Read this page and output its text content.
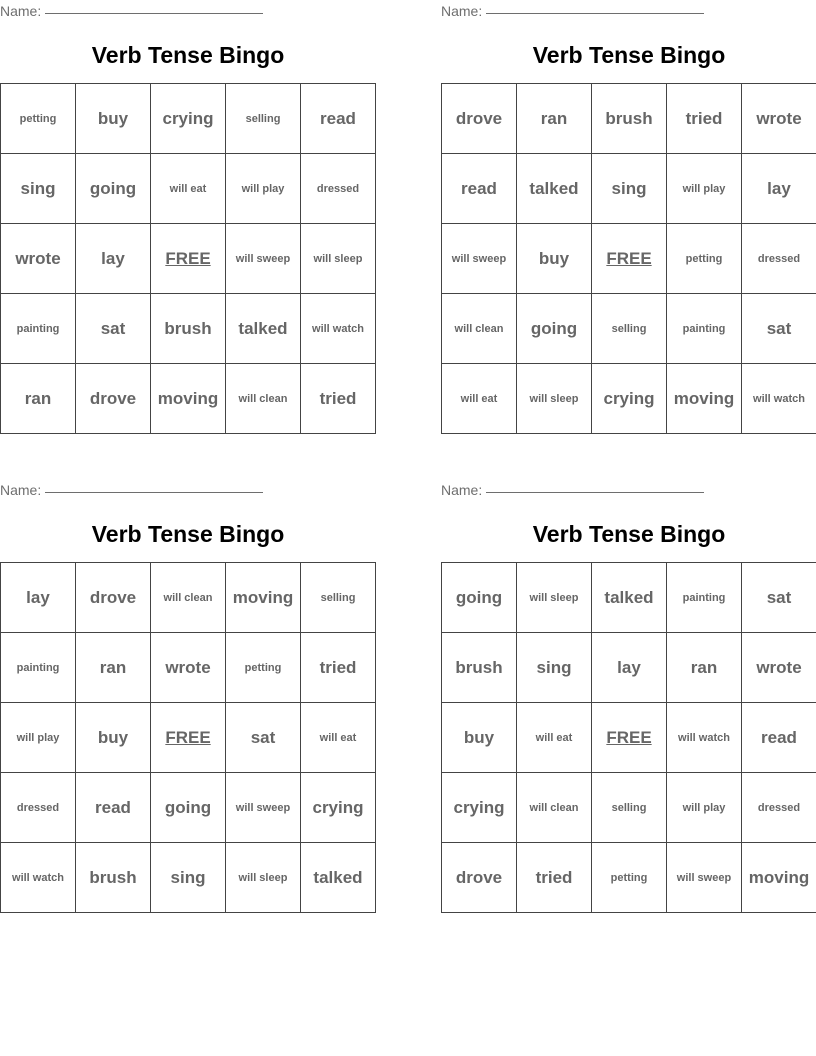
Name:
Verb Tense Bingo
petting	buy	crying	selling	read
sing	going	will eat	will play	dressed
wrote	lay	FREE	will sweep	will sleep
painting	sat	brush	talked	will watch
ran	drove	moving	will clean	tried
Name:
Verb Tense Bingo
drove	ran	brush	tried	wrote
read	talked	sing	will play	lay
will sweep	buy	FREE	petting	dressed
will clean	going	selling	painting	sat
will eat	will sleep	crying	moving	will watch
Name:
Verb Tense Bingo
lay	drove	will clean	moving	selling
painting	ran	wrote	petting	tried
will play	buy	FREE	sat	will eat
dressed	read	going	will sweep	crying
will watch	brush	sing	will sleep	talked
Name:
Verb Tense Bingo
going	will sleep	talked	painting	sat
brush	sing	lay	ran	wrote
buy	will eat	FREE	will watch	read
crying	will clean	selling	will play	dressed
drove	tried	petting	will sweep	moving
